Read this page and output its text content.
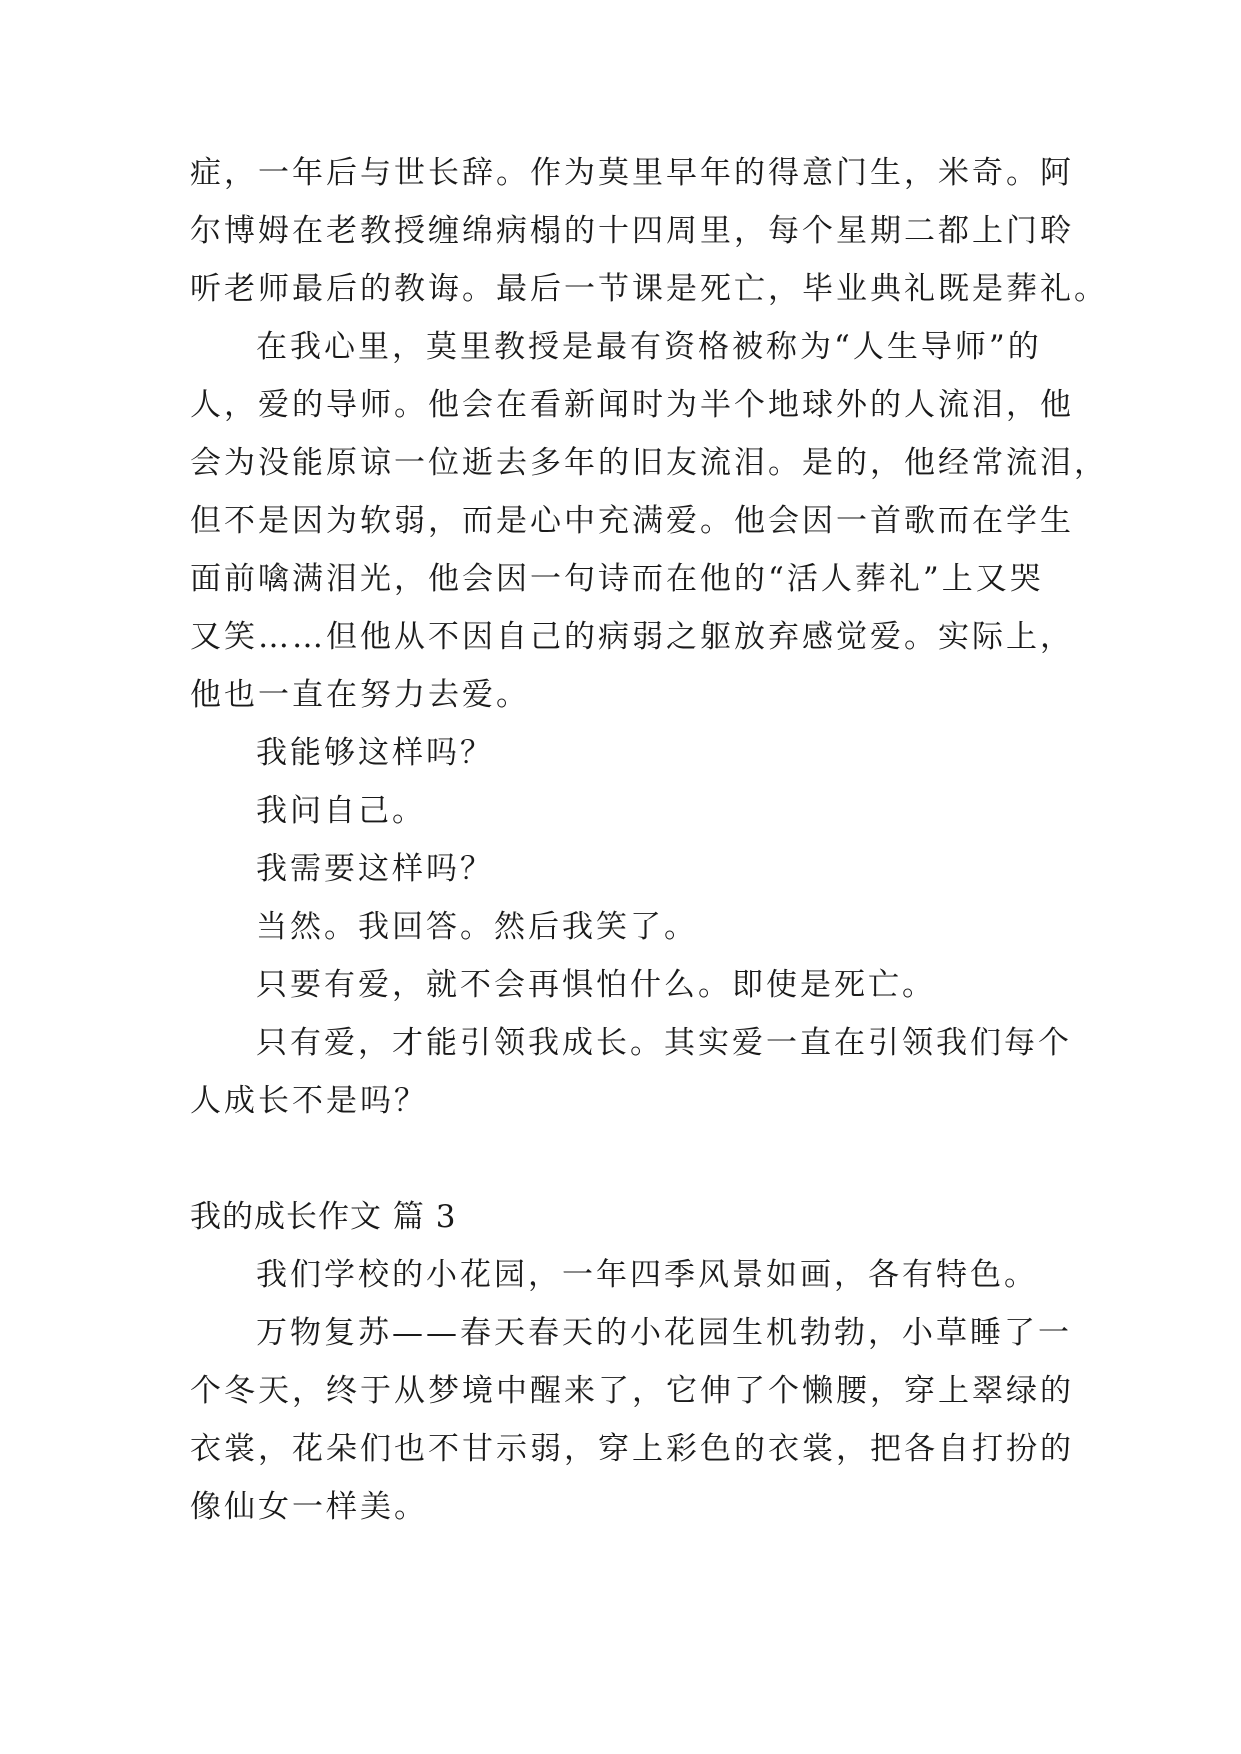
症，一年后与世长辞。作为莫里早年的得意门生，米奇。阿
尔博姆在老教授缠绵病榻的十四周里，每个星期二都上门聆
听老师最后的教诲。最后一节课是死亡，毕业典礼既是葬礼。
在我心里，莫里教授是最有资格被称为“人生导师”的
人，爱的导师。他会在看新闻时为半个地球外的人流泪，他
会为没能原谅一位逝去多年的旧友流泪。是的，他经常流泪，
但不是因为软弱，而是心中充满爱。他会因一首歌而在学生
面前噙满泪光，他会因一句诗而在他的“活人葬礼”上又哭
又笑……但他从不因自己的病弱之躯放弃感觉爱。实际上，
他也一直在努力去爱。
我能够这样吗？
我问自己。
我需要这样吗？
当然。我回答。然后我笑了。
只要有爱，就不会再惧怕什么。即使是死亡。
只有爱，才能引领我成长。其实爱一直在引领我们每个
人成长不是吗？
我的成长作文 篇 3
我们学校的小花园，一年四季风景如画，各有特色。
万物复苏——春天春天的小花园生机勃勃，小草睡了一
个冬天，终于从梦境中醒来了，它伸了个懒腰，穿上翠绿的
衣裳，花朵们也不甘示弱，穿上彩色的衣裳，把各自打扮的
像仙女一样美。
